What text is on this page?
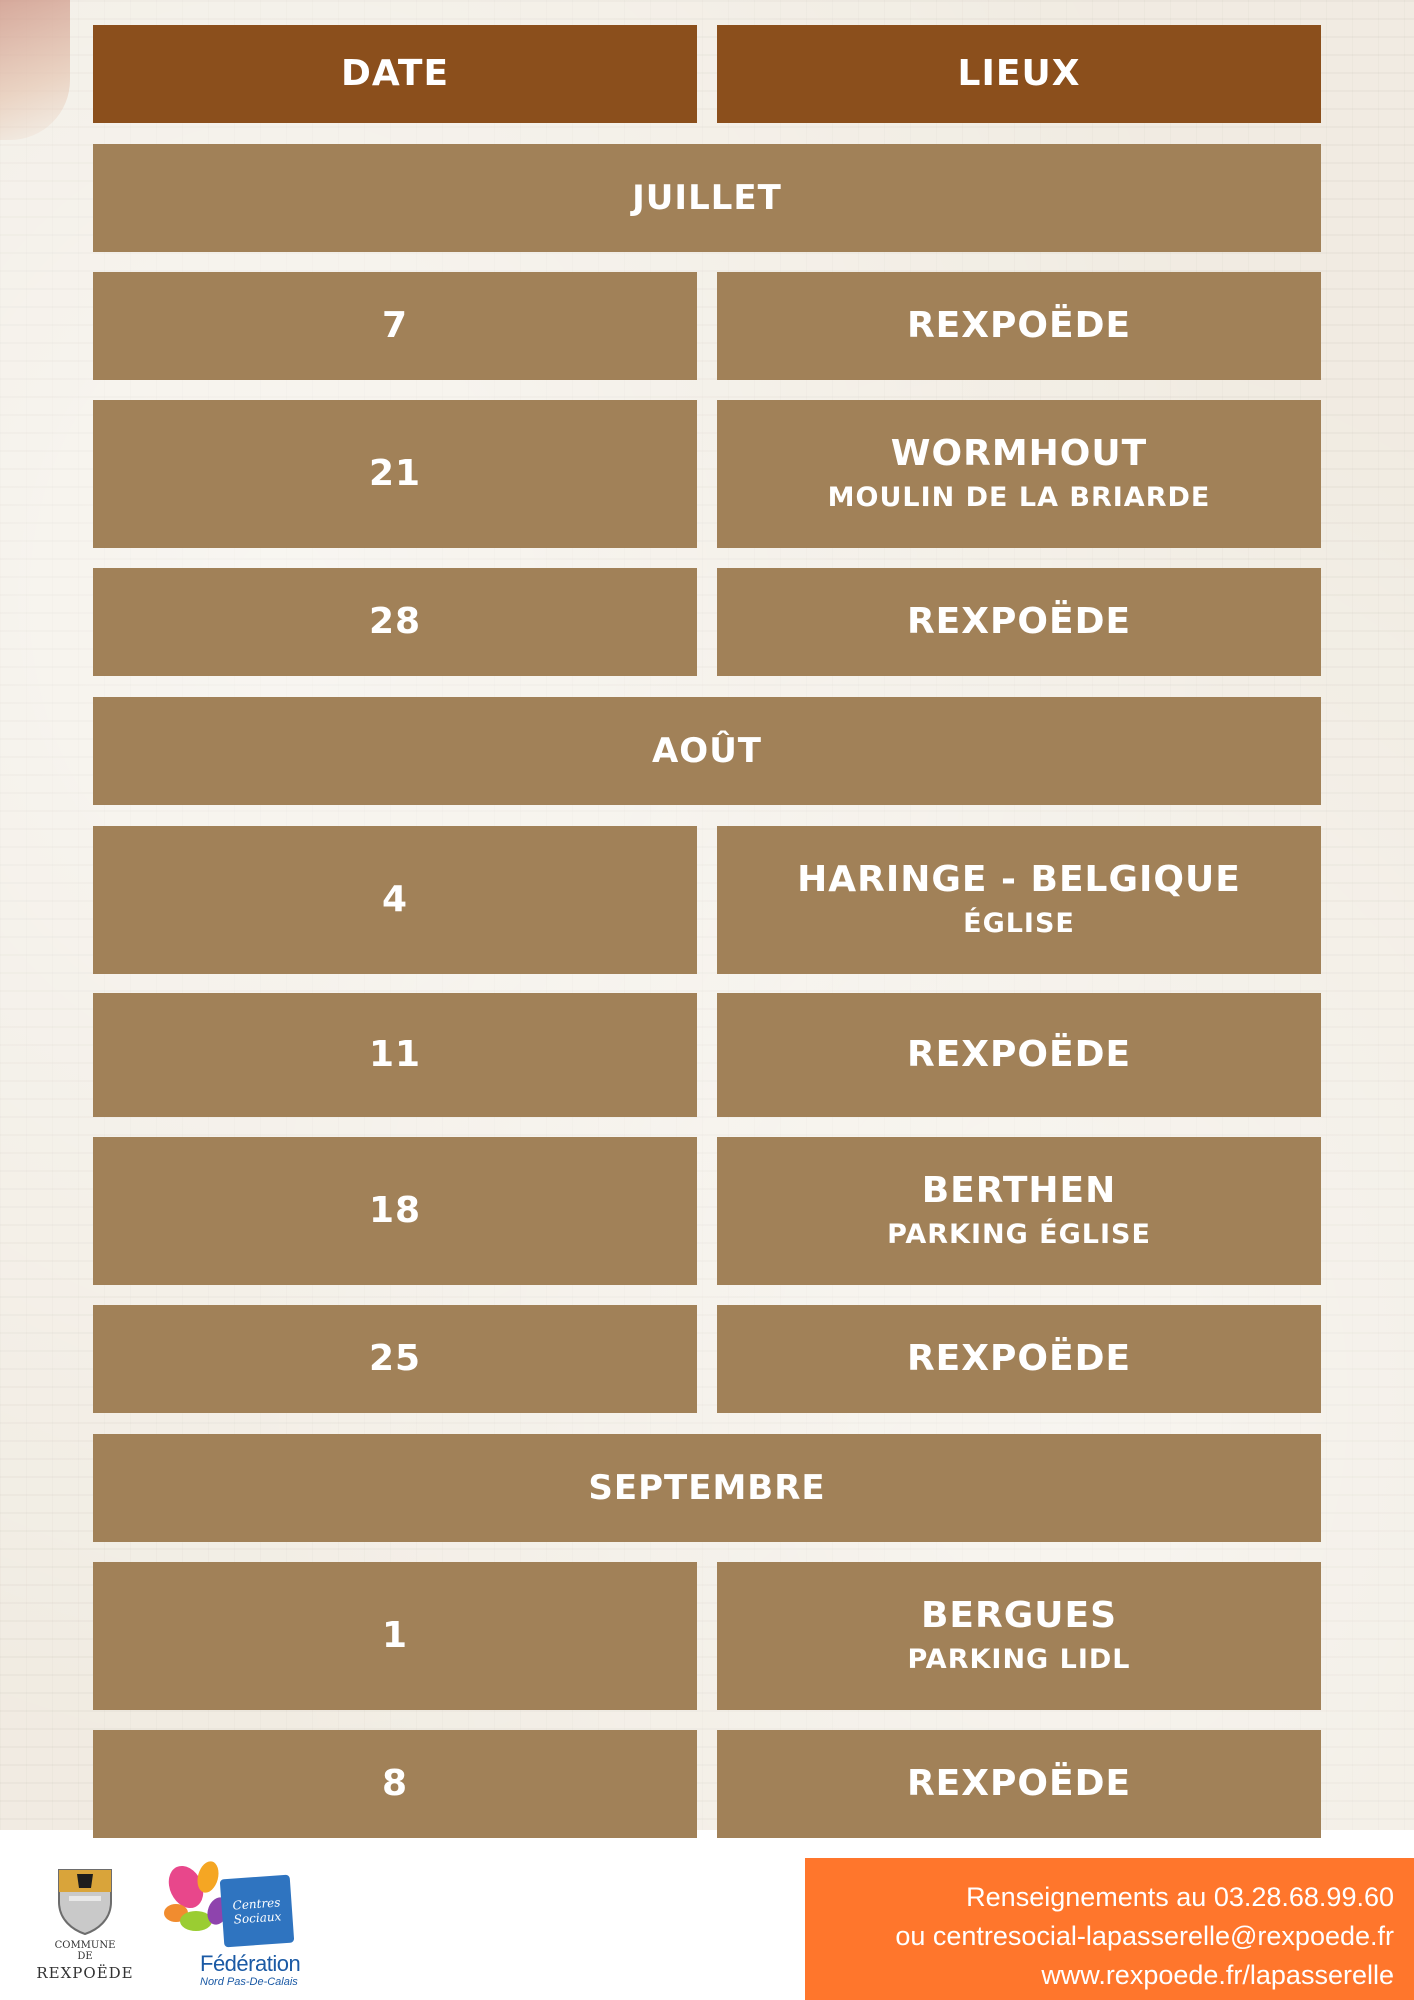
DATE	LIEUX
JUILLET
7	REXPOËDE
21	WORMHOUT
MOULIN DE LA BRIARDE
28	REXPOËDE
AOÛT
4	HARINGE - BELGIQUE
ÉGLISE
11	REXPOËDE
18	BERTHEN
PARKING ÉGLISE
25	REXPOËDE
SEPTEMBRE
1	BERGUES
PARKING LIDL
8	REXPOËDE
COMMUNE
DE
REXPOËDE
Centres
Sociaux
Fédération
Nord Pas-De-Calais
Renseignements au 03.28.68.99.60
ou centresocial-lapasserelle@rexpoede.fr
www.rexpoede.fr/lapasserelle
